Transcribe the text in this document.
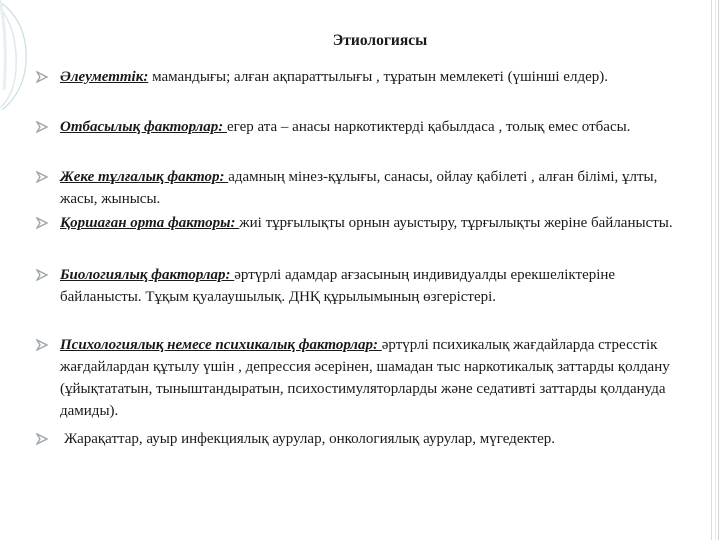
Этиологиясы
Әлеуметтік: мамандығы; алған ақпараттылығы , тұратын мемлекеті (үшінші елдер).
Отбасылық факторлар: егер ата – анасы наркотиктерді қабылдаса , толық емес отбасы.
Жеке тұлғалық фактор: адамның мінез-құлығы, санасы, ойлау қабілеті , алған білімі, ұлты, жасы, жынысы.
Қоршаған орта факторы: жиі тұрғылықты орнын ауыстыру, тұрғылықты жеріне байланысты.
Биологиялық факторлар: әртүрлі адамдар ағзасының индивидуалды ерекшеліктеріне байланысты. Тұқым қуалаушылық. ДНҚ құрылымының өзгерістері.
Психологиялық немесе психикалық факторлар: әртүрлі психикалық жағдайларда стресстік жағдайлардан құтылу үшін , депрессия әсерінен, шамадан тыс наркотикалық заттарды қолдану (ұйықтататын, тыныштандыратын, психостимуляторларды және седативті заттарды қолдануда дамиды).
Жарақаттар, ауыр инфекциялық аурулар, онкологиялық аурулар, мүгедектер.
